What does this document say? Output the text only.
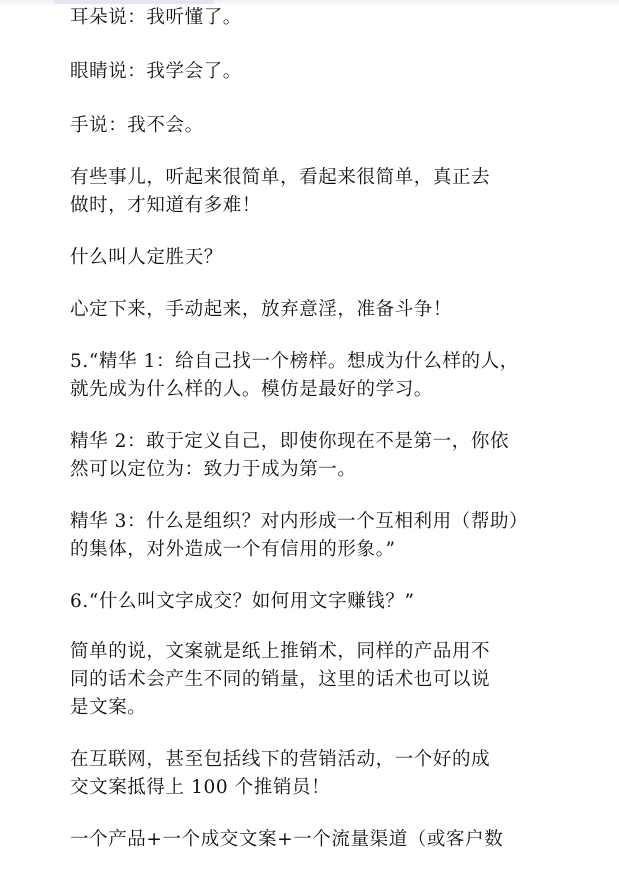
耳朵说：我听懂了。

眼睛说：我学会了。

手说：我不会。

有些事儿，听起来很简单，看起来很简单，真正去
做时，才知道有多难！

什么叫人定胜天？

心定下来，手动起来，放弃意淫，准备斗争！

5.“精华 1：给自己找一个榜样。想成为什么样的人，
就先成为什么样的人。模仿是最好的学习。

精华 2：敢于定义自己，即使你现在不是第一，你依
然可以定位为：致力于成为第一。

精华 3：什么是组织？对内形成一个互相利用（帮助）
的集体，对外造成一个有信用的形象。”

6.“什么叫文字成交？如何用文字赚钱？”

简单的说，文案就是纸上推销术，同样的产品用不
同的话术会产生不同的销量，这里的话术也可以说
是文案。

在互联网，甚至包括线下的营销活动，一个好的成
交文案抵得上 100 个推销员！

一个产品+一个成交文案+一个流量渠道（或客户数
